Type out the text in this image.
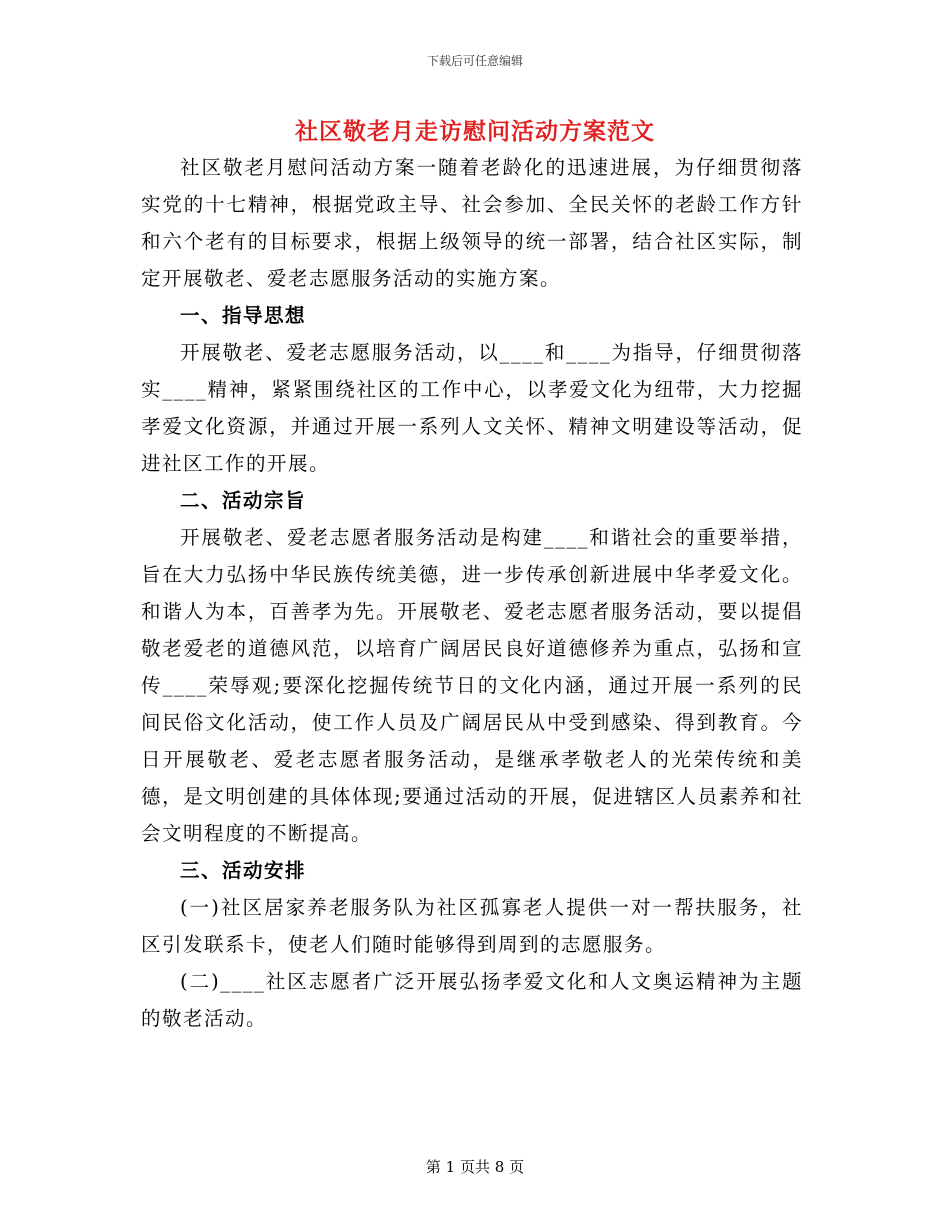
下载后可任意编辑
社区敬老月走访慰问活动方案范文

社区敬老月慰问活动方案一随着老龄化的迅速进展，为仔细贯彻落实党的十七精神，根据党政主导、社会参加、全民关怀的老龄工作方针和六个老有的目标要求，根据上级领导的统一部署，结合社区实际，制定开展敬老、爱老志愿服务活动的实施方案。

一、指导思想

开展敬老、爱老志愿服务活动，以____和____为指导，仔细贯彻落实____精神，紧紧围绕社区的工作中心，以孝爱文化为纽带，大力挖掘孝爱文化资源，并通过开展一系列人文关怀、精神文明建设等活动，促进社区工作的开展。

二、活动宗旨

开展敬老、爱老志愿者服务活动是构建____和谐社会的重要举措，旨在大力弘扬中华民族传统美德，进一步传承创新进展中华孝爱文化。和谐人为本，百善孝为先。开展敬老、爱老志愿者服务活动，要以提倡敬老爱老的道德风范，以培育广阔居民良好道德修养为重点，弘扬和宣传____荣辱观;要深化挖掘传统节日的文化内涵，通过开展一系列的民间民俗文化活动，使工作人员及广阔居民从中受到感染、得到教育。今日开展敬老、爱老志愿者服务活动，是继承孝敬老人的光荣传统和美德，是文明创建的具体体现;要通过活动的开展，促进辖区人员素养和社会文明程度的不断提高。

三、活动安排

(一)社区居家养老服务队为社区孤寡老人提供一对一帮扶服务，社区引发联系卡，使老人们随时能够得到周到的志愿服务。

(二)____社区志愿者广泛开展弘扬孝爱文化和人文奥运精神为主题的敬老活动。

第 1 页共 8 页
